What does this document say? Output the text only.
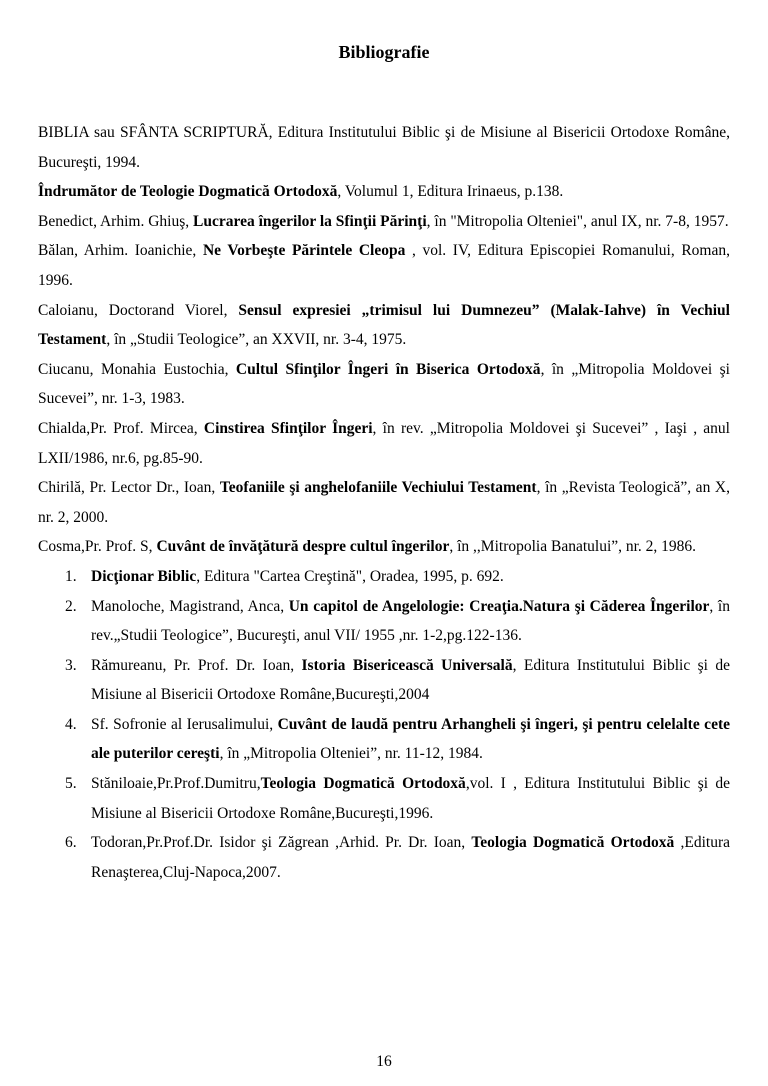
Bibliografie

BIBLIA sau SFÂNTA SCRIPTURĂ, Editura Institutului Biblic şi de Misiune al Bisericii Ortodoxe Române, Bucureşti, 1994.

Îndrumător de Teologie Dogmatică Ortodoxă, Volumul 1, Editura Irinaeus, p.138.

Benedict, Arhim. Ghiuş, Lucrarea îngerilor la Sfinţii Părinţi, în "Mitropolia Olteniei", anul IX, nr. 7-8, 1957.

Bălan, Arhim. Ioanichie, Ne Vorbeşte Părintele Cleopa , vol. IV, Editura Episcopiei Romanului, Roman, 1996.

Caloianu, Doctorand Viorel, Sensul expresiei „trimisul lui Dumnezeu” (Malak-Iahve) în Vechiul Testament, în „Studii Teologice”, an XXVII, nr. 3-4, 1975.

Ciucanu, Monahia Eustochia, Cultul Sfinţilor Îngeri în Biserica Ortodoxă, în „Mitropolia Moldovei şi Sucevei”, nr. 1-3, 1983.

Chialda,Pr. Prof. Mircea, Cinstirea Sfinţilor Îngeri, în rev. „Mitropolia Moldovei şi Sucevei” , Iaşi , anul LXII/1986, nr.6, pg.85-90.

Chirilă, Pr. Lector Dr., Ioan, Teofaniile şi anghelofaniile Vechiului Testament, în „Revista Teologică”, an X, nr. 2, 2000.

Cosma,Pr. Prof. S, Cuvânt de învăţătură despre cultul îngerilor, în ,,Mitropolia Banatului”, nr. 2, 1986.

1. Dicţionar Biblic, Editura "Cartea Creştină", Oradea, 1995, p. 692.
2. Manoloche, Magistrand, Anca, Un capitol de Angelologie: Creaţia.Natura şi Căderea Îngerilor, în rev.„Studii Teologice”, Bucureşti, anul VII/ 1955 ,nr. 1-2,pg.122-136.
3. Rămureanu, Pr. Prof. Dr. Ioan, Istoria Bisericească Universală, Editura Institutului Biblic şi de Misiune al Bisericii Ortodoxe Române,Bucureşti,2004
4. Sf. Sofronie al Ierusalimului, Cuvânt de laudă pentru Arhangheli şi îngeri, şi pentru celelalte cete ale puterilor cereşti, în „Mitropolia Olteniei”, nr. 11-12, 1984.
5. Stăniloaie,Pr.Prof.Dumitru,Teologia Dogmatică Ortodoxă,vol. I , Editura Institutului Biblic şi de Misiune al Bisericii Ortodoxe Române,Bucureşti,1996.
6. Todoran,Pr.Prof.Dr. Isidor şi Zăgrean ,Arhid. Pr. Dr. Ioan, Teologia Dogmatică Ortodoxă ,Editura Renaşterea,Cluj-Napoca,2007.
16
